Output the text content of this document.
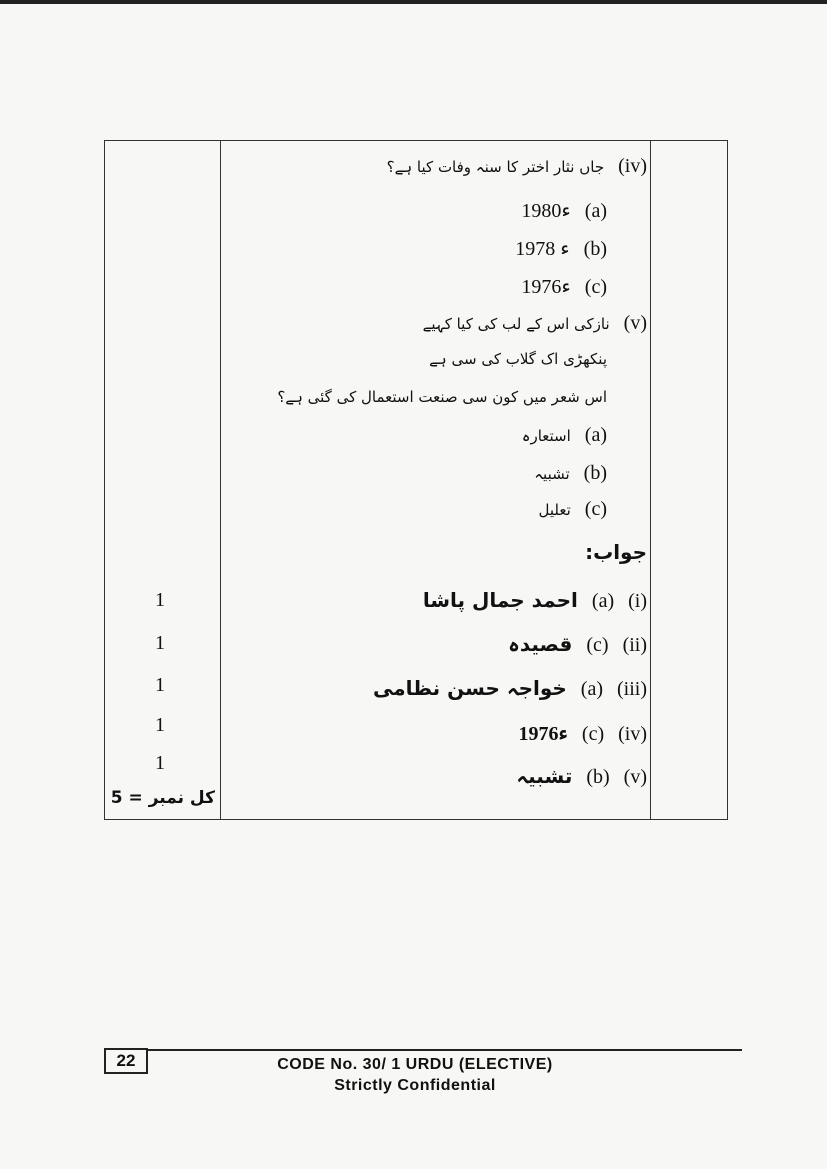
(iv)
جاں نثار اختر کا سنہ وفات کیا ہے؟
(a)
1980ء
(b)
1978 ء
(c)
1976ء
(v)
نازکی اس کے لب کی کیا کہیے
پنکھڑی اک گلاب کی سی ہے
اس شعر میں کون سی صنعت استعمال کی گئی ہے؟
(a)
استعارہ
(b)
تشبیہ
(c)
تعلیل
جواب:
(i)
(a)
احمد جمال پاشا
1
(ii)
(c)
قصیدہ
1
(iii)
(a)
خواجہ حسن نظامی
1
(iv)
(c)
1976ء
1
(v)
(b)
تشبیہ
1
کل نمبر = 5
22	CODE No. 30/ 1 URDU (ELECTIVE)
Strictly Confidential
